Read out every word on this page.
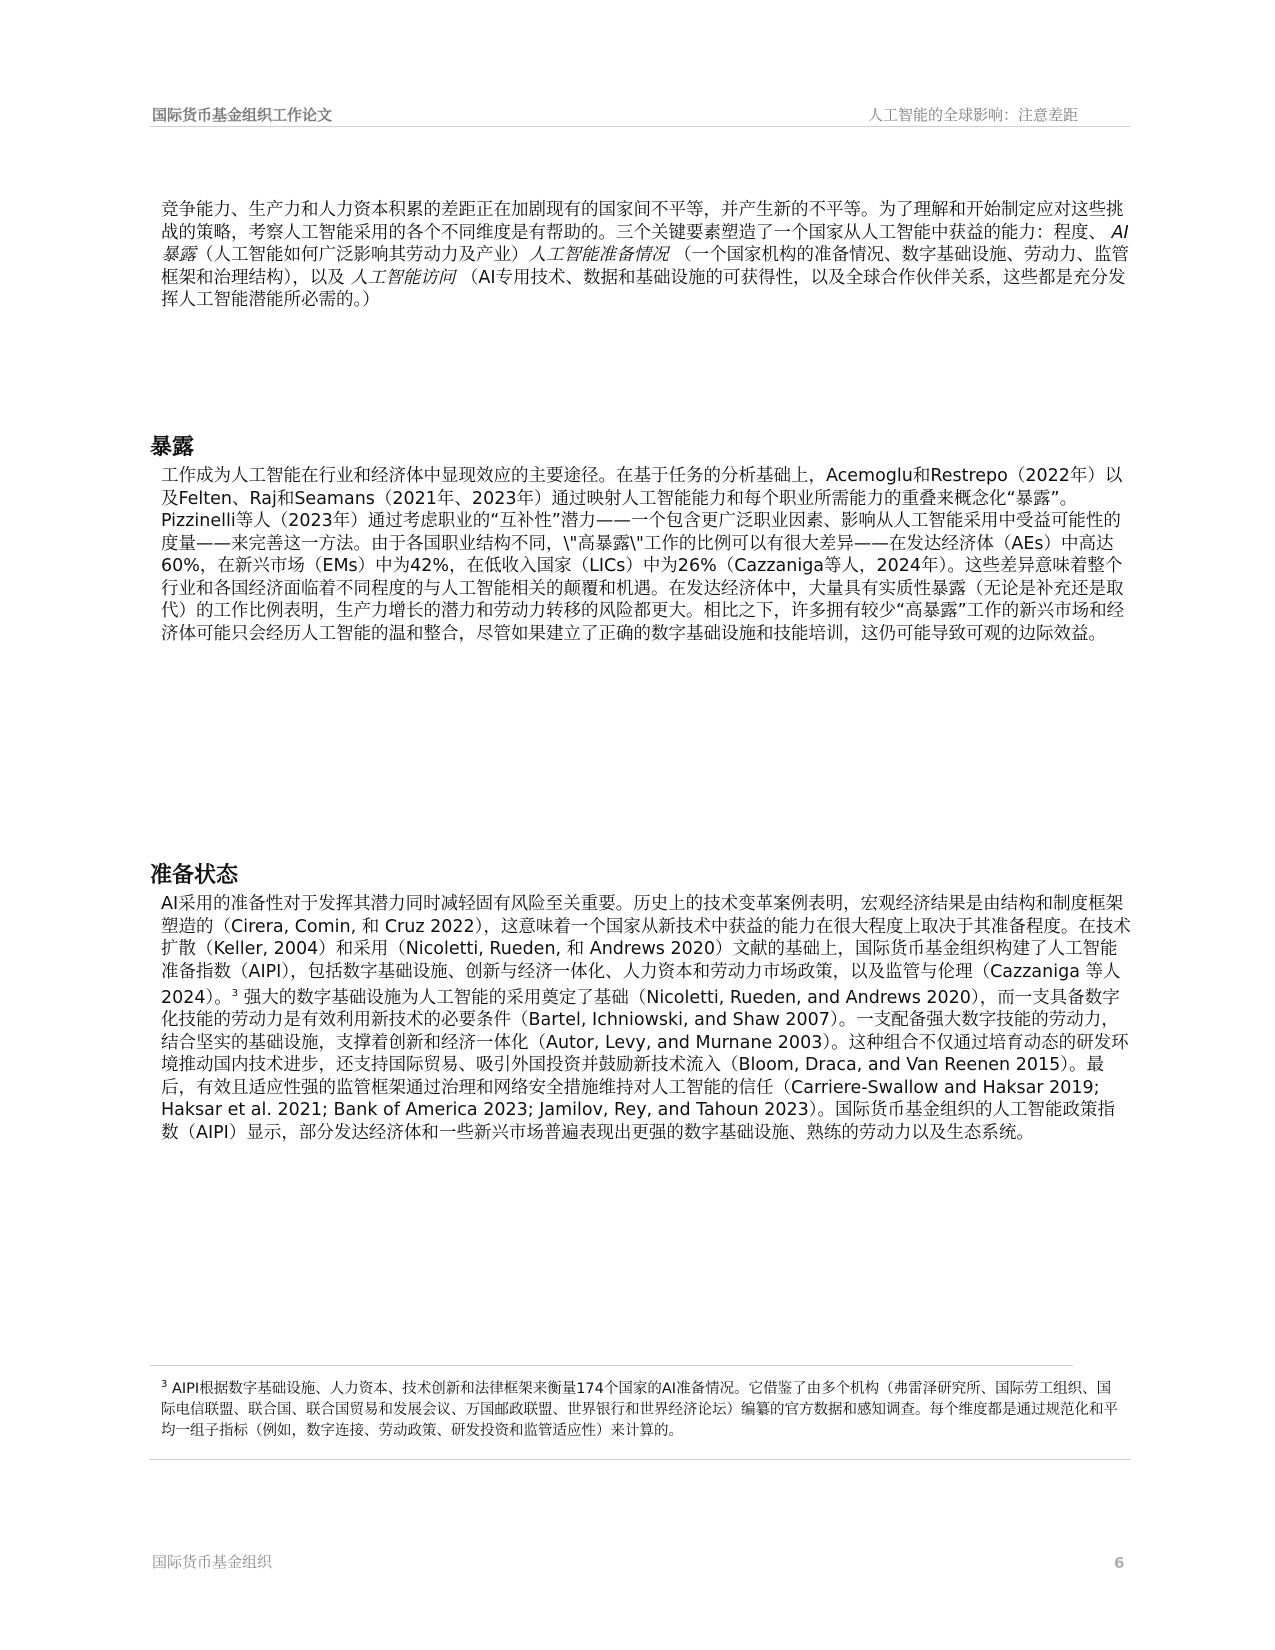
国际货币基金组织工作论文	人工智能的全球影响：注意差距
竞争能力、生产力和人力资本积累的差距正在加剧现有的国家间不平等，并产生新的不平等。为了理解和开始制定应对这些挑战的策略，考察人工智能采用的各个不同维度是有帮助的。三个关键要素塑造了一个国家从人工智能中获益的能力：程度、 AI 暴露（人工智能如何广泛影响其劳动力及产业）人工智能准备情况 （一个国家机构的准备情况、数字基础设施、劳动力、监管框架和治理结构），以及 人工智能访问 （AI专用技术、数据和基础设施的可获得性，以及全球合作伙伴关系，这些都是充分发挥人工智能潜能所必需的。）
暴露
工作成为人工智能在行业和经济体中显现效应的主要途径。在基于任务的分析基础上，Acemoglu和Restrepo（2022年）以及Felten、Raj和Seamans（2021年、2023年）通过映射人工智能能力和每个职业所需能力的重叠来概念化“暴露”。Pizzinelli等人（2023年）通过考虑职业的“互补性”潜力——一个包含更广泛职业因素、影响从人工智能采用中受益可能性的度量——来完善这一方法。由于各国职业结构不同，\"高暴露\"工作的比例可以有很大差异——在发达经济体（AEs）中高达60%，在新兴市场（EMs）中为42%，在低收入国家（LICs）中为26%（Cazzaniga等人，2024年）。这些差异意味着整个行业和各国经济面临着不同程度的与人工智能相关的颠覆和机遇。在发达经济体中，大量具有实质性暴露（无论是补充还是取代）的工作比例表明，生产力增长的潜力和劳动力转移的风险都更大。相比之下，许多拥有较少“高暴露”工作的新兴市场和经济体可能只会经历人工智能的温和整合，尽管如果建立了正确的数字基础设施和技能培训，这仍可能导致可观的边际效益。
准备状态
AI采用的准备性对于发挥其潜力同时减轻固有风险至关重要。历史上的技术变革案例表明，宏观经济结果是由结构和制度框架塑造的（Cirera, Comin, 和 Cruz 2022），这意味着一个国家从新技术中获益的能力在很大程度上取决于其准备程度。在技术扩散（Keller, 2004）和采用（Nicoletti, Rueden, 和 Andrews 2020）文献的基础上，国际货币基金组织构建了人工智能准备指数（AIPI），包括数字基础设施、创新与经济一体化、人力资本和劳动力市场政策，以及监管与伦理（Cazzaniga 等人 2024）。$^3$ 强大的数字基础设施为人工智能的采用奠定了基础（Nicoletti, Rueden, and Andrews 2020），而一支具备数字化技能的劳动力是有效利用新技术的必要条件（Bartel, Ichniowski, and Shaw 2007）。一支配备强大数字技能的劳动力，结合坚实的基础设施，支撑着创新和经济一体化（Autor, Levy, and Murnane 2003）。这种组合不仅通过培育动态的研发环境推动国内技术进步，还支持国际贸易、吸引外国投资并鼓励新技术流入（Bloom, Draca, and Van Reenen 2015）。最后，有效且适应性强的监管框架通过治理和网络安全措施维持对人工智能的信任（Carriere-Swallow and Haksar 2019; Haksar et al. 2021; Bank of America 2023; Jamilov, Rey, and Tahoun 2023）。国际货币基金组织的人工智能政策指数（AIPI）显示，部分发达经济体和一些新兴市场普遍表现出更强的数字基础设施、熟练的劳动力以及生态系统。
$^3$ AIPI根据数字基础设施、人力资本、技术创新和法律框架来衡量174个国家的AI准备情况。它借鉴了由多个机构（弗雷泽研究所、国际劳工组织、国际电信联盟、联合国、联合国贸易和发展会议、万国邮政联盟、世界银行和世界经济论坛）编纂的官方数据和感知调查。每个维度都是通过规范化和平均一组子指标（例如，数字连接、劳动政策、研发投资和监管适应性）来计算的。
国际货币基金组织	6
